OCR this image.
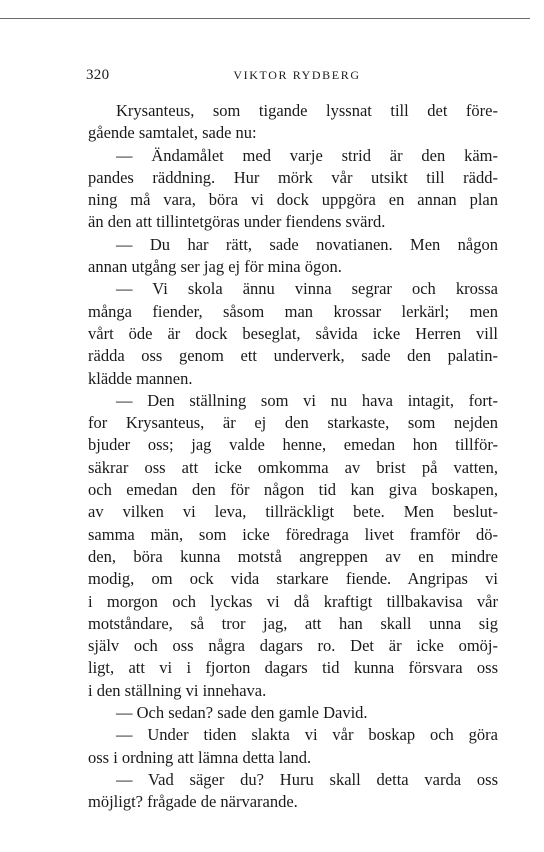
320	VIKTOR RYDBERG
Krysanteus, som tigande lyssnat till det före-
gående samtalet, sade nu:
— Ändamålet med varje strid är den käm-
pandes räddning. Hur mörk vår utsikt till rädd-
ning må vara, böra vi dock uppgöra en annan plan
än den att tillintetgöras under fiendens svärd.
— Du har rätt, sade novatianen. Men någon
annan utgång ser jag ej för mina ögon.
— Vi skola ännu vinna segrar och krossa
många fiender, såsom man krossar lerkärl; men
vårt öde är dock beseglat, såvida icke Herren vill
rädda oss genom ett underverk, sade den palatin-
klädde mannen.
— Den ställning som vi nu hava intagit, fort-
for Krysanteus, är ej den starkaste, som nejden
bjuder oss; jag valde henne, emedan hon tillför-
säkrar oss att icke omkomma av brist på vatten,
och emedan den för någon tid kan giva boskapen,
av vilken vi leva, tillräckligt bete. Men beslut-
samma män, som icke föredraga livet framför dö-
den, böra kunna motstå angreppen av en mindre
modig, om ock vida starkare fiende. Angripas vi
i morgon och lyckas vi då kraftigt tillbakavisa vår
motståndare, så tror jag, att han skall unna sig
själv och oss några dagars ro. Det är icke omöj-
ligt, att vi i fjorton dagars tid kunna försvara oss
i den ställning vi innehava.
— Och sedan? sade den gamle David.
— Under tiden slakta vi vår boskap och göra
oss i ordning att lämna detta land.
— Vad säger du? Huru skall detta varda oss
möjligt? frågade de närvarande.
